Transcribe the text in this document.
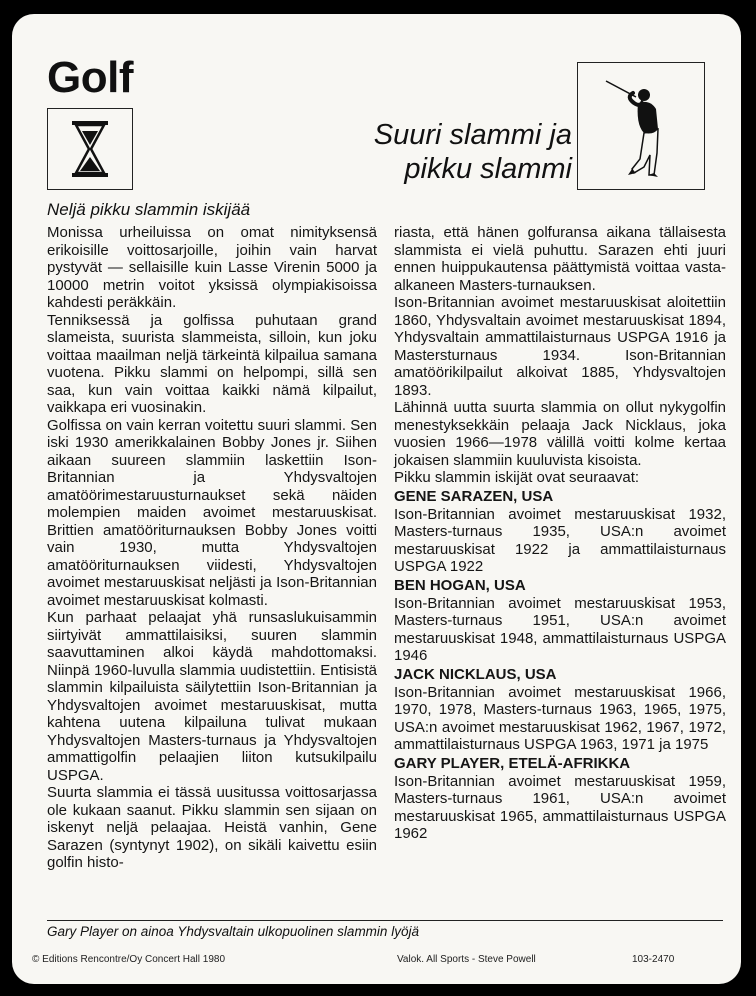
Golf
Suuri slammi ja
pikku slammi
Neljä pikku slammin iskijää

Monissa urheiluissa on omat nimityksensä erikoisille voittosarjoille, joihin vain harvat pystyvät — sellaisille kuin Lasse Virenin 5000 ja 10000 metrin voitot yksissä olympiakisoissa kahdesti peräkkäin.

Tenniksessä ja golfissa puhutaan grand slameista, suurista slammeista, silloin, kun joku voittaa maailman neljä tärkeintä kilpailua samana vuotena. Pikku slammi on helpompi, sillä sen saa, kun vain voittaa kaikki nämä kilpailut, vaikkapa eri vuosinakin.

Golfissa on vain kerran voitettu suuri slammi. Sen iski 1930 amerikkalainen Bobby Jones jr. Siihen aikaan suureen slammiin laskettiin Ison-Britannian ja Yhdysvaltojen amatöörimestaruusturnaukset sekä näiden molempien maiden avoimet mestaruuskisat. Brittien amatööriturnauksen Bobby Jones voitti vain 1930, mutta Yhdysvaltojen amatööriturnauksen viidesti, Yhdysvaltojen avoimet mestaruuskisat neljästi ja Ison-Britannian avoimet mestaruuskisat kolmasti.

Kun parhaat pelaajat yhä runsaslukuisammin siirtyivät ammattilaisiksi, suuren slammin saavuttaminen alkoi käydä mahdottomaksi. Niinpä 1960-luvulla slammia uudistettiin. Entisistä slammin kilpailuista säilytettiin Ison-Britannian ja Yhdysvaltojen avoimet mestaruuskisat, mutta kahtena uutena kilpailuna tulivat mukaan Yhdysvaltojen Masters-turnaus ja Yhdysvaltojen ammattigolfin pelaajien liiton kutsukilpailu USPGA.

Suurta slammia ei tässä uusitussa voittosarjassa ole kukaan saanut. Pikku slammin sen sijaan on iskenyt neljä pelaajaa. Heistä vanhin, Gene Sarazen (syntynyt 1902), on sikäli kaivettu esiin golfin histo-

riasta, että hänen golfuransa aikana tällaisesta slammista ei vielä puhuttu. Sarazen ehti juuri ennen huippukautensa päättymistä voittaa vasta-alkaneen Masters-turnauksen.

Ison-Britannian avoimet mestaruuskisat aloitettiin 1860, Yhdysvaltain avoimet mestaruuskisat 1894, Yhdysvaltain ammattilaisturnaus USPGA 1916 ja Mastersturnaus 1934. Ison-Britannian amatöörikilpailut alkoivat 1885, Yhdysvaltojen 1893.

Lähinnä uutta suurta slammia on ollut nykygolfin menestyksekkäin pelaaja Jack Nicklaus, joka vuosien 1966—1978 välillä voitti kolme kertaa jokaisen slammiin kuuluvista kisoista.

Pikku slammin iskijät ovat seuraavat:

GENE SARAZEN, USA

Ison-Britannian avoimet mestaruuskisat 1932, Masters-turnaus 1935, USA:n avoimet mestaruuskisat 1922 ja ammattilaisturnaus USPGA 1922

BEN HOGAN, USA

Ison-Britannian avoimet mestaruuskisat 1953, Masters-turnaus 1951, USA:n avoimet mestaruuskisat 1948, ammattilaisturnaus USPGA 1946

JACK NICKLAUS, USA

Ison-Britannian avoimet mestaruuskisat 1966, 1970, 1978, Masters-turnaus 1963, 1965, 1975, USA:n avoimet mestaruuskisat 1962, 1967, 1972, ammattilaisturnaus USPGA 1963, 1971 ja 1975

GARY PLAYER, ETELÄ-AFRIKKA

Ison-Britannian avoimet mestaruuskisat 1959, Masters-turnaus 1961, USA:n avoimet mestaruuskisat 1965, ammattilaisturnaus USPGA 1962

Gary Player on ainoa Yhdysvaltain ulkopuolinen slammin lyöjä
© Editions Rencontre/Oy Concert Hall 1980	Valok. All Sports - Steve Powell	103-2470
